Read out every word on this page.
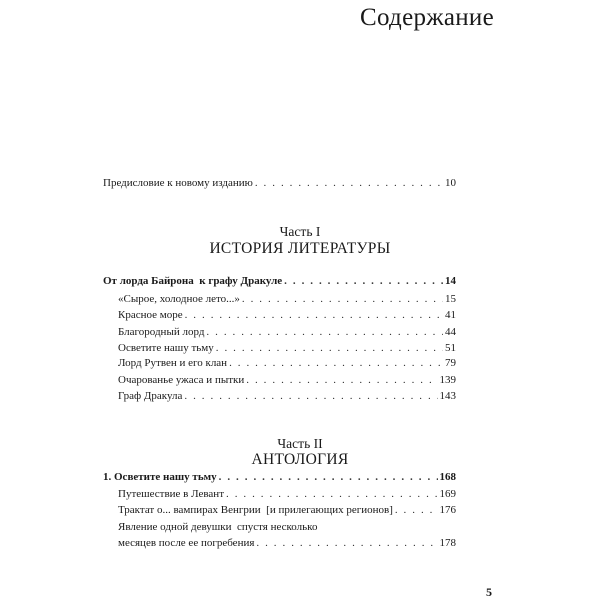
Содержание
Предисловие к новому изданию . . .	10
Часть I
ИСТОРИЯ ЛИТЕРАТУРЫ
От лорда Байрона  к графу Дракуле . . .	14
«Сырое, холодное лето...» . . .	15
Красное море . . .	41
Благородный лорд . . .	44
Осветите нашу тьму . . .	51
Лорд Рутвен и его клан . . .	79
Очарованье ужаса и пытки . . .	139
Граф Дракула . . .	143
Часть II
АНТОЛОГИЯ
1. Осветите нашу тьму . . .	168
Путешествие в Левант . . .	169
Трактат о... вампирах Венгрии  [и прилегающих регионов] . . .	176
Явление одной девушки  спустя несколько
месяцев после ее погребения . . .	178
5
